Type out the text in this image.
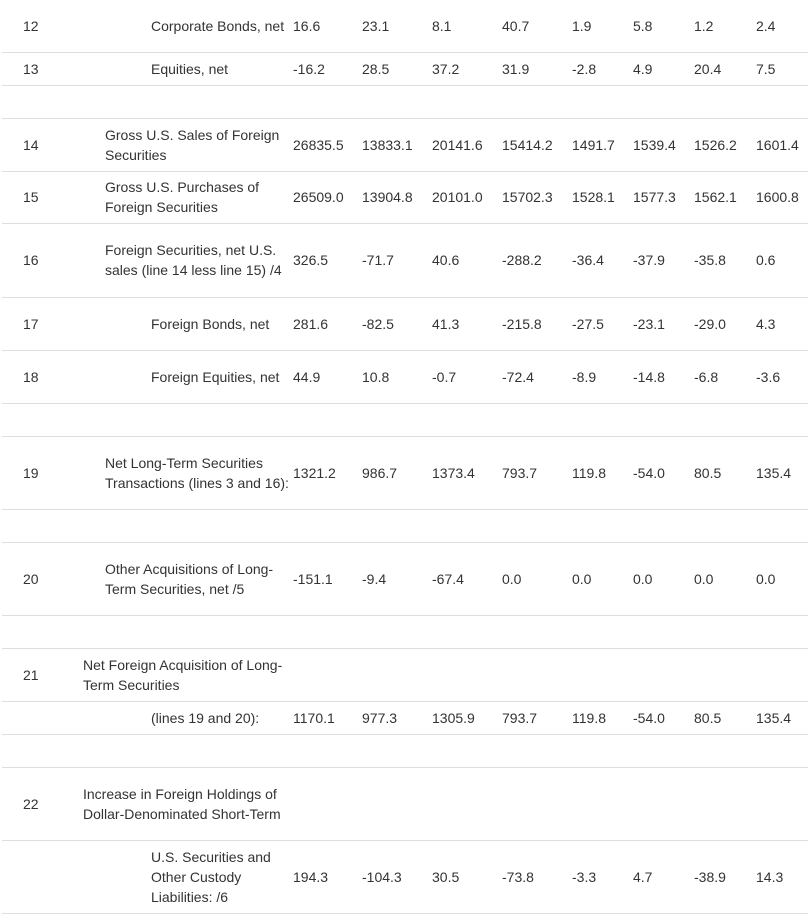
12	Corporate Bonds, net	16.6	23.1	8.1	40.7	1.9	5.8	1.2	2.4
13	Equities, net	-16.2	28.5	37.2	31.9	-2.8	4.9	20.4	7.5

14	Gross U.S. Sales of Foreign Securities	26835.5	13833.1	20141.6	15414.2	1491.7	1539.4	1526.2	1601.4
15	Gross U.S. Purchases of Foreign Securities	26509.0	13904.8	20101.0	15702.3	1528.1	1577.3	1562.1	1600.8
16	Foreign Securities, net U.S. sales (line 14 less line 15) /4	326.5	-71.7	40.6	-288.2	-36.4	-37.9	-35.8	0.6
17	Foreign Bonds, net	281.6	-82.5	41.3	-215.8	-27.5	-23.1	-29.0	4.3
18	Foreign Equities, net	44.9	10.8	-0.7	-72.4	-8.9	-14.8	-6.8	-3.6

19	Net Long-Term Securities Transactions (lines 3 and 16):	1321.2	986.7	1373.4	793.7	119.8	-54.0	80.5	135.4

20	Other Acquisitions of Long-Term Securities, net /5	-151.1	-9.4	-67.4	0.0	0.0	0.0	0.0	0.0

21	Net Foreign Acquisition of Long-Term Securities								
	(lines 19 and 20):	1170.1	977.3	1305.9	793.7	119.8	-54.0	80.5	135.4

22	Increase in Foreign Holdings of Dollar-Denominated Short-Term								
	U.S. Securities and Other Custody Liabilities: /6	194.3	-104.3	30.5	-73.8	-3.3	4.7	-38.9	14.3
